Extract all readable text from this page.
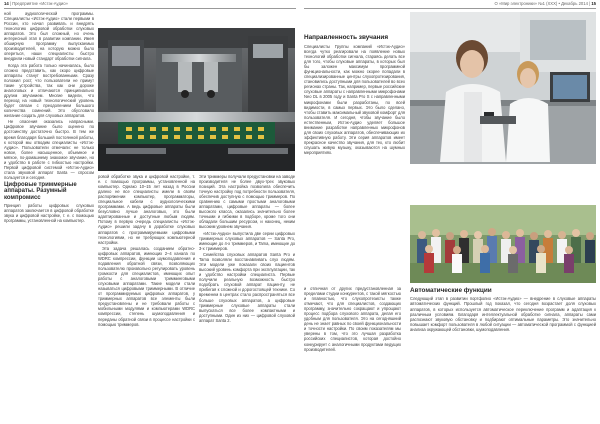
14 | Предприятие «Истэк-Аудио»	О «Мир электроники» №1 (XXX) • Декабрь 2014 | 15

ной аудиологической программы. Специалисты «Истэк-Аудио» стали первыми в России, кто начал развивать и внедрять технологию цифровой обработки слуховых аппаратов. Это был сложный, но очень интересный этап в развитии компании. Имея обширную программу выпускаемых производителей, на которую можно было опереться, наши специалисты быстро внедрили новый стандарт обработки сигнала.

Когда эта работа только начиналась, было сложно представить, как скоро цифровые аппараты станут востребованными. Сразу положил рост, что пользователи не примут такие устройства, так как они дороже аналоговых и отличаются принципиально другим звучанием. Многие видели, что переход на новый технологический уровень будет связан с преодолением большого количества сомнений. Это обусловило желание создать для слуховых аппаратов.

Не опасения оказались напрасными. Цифровое звучание было оценено по достоинству достаточно быстро. В тем же время благодаря большей постоянной работы, к которой мы отводим специалисты «Истэк-Аудио». Пользователи отмечали: не только новое, более насыщенное, объемное и мягкое, по-домашнему знакомое звучание, но и удобство в работе с гибкостью настройки. Первой цифровой системой «Истэк-Аудио» стала звуковой аппарат Santa — спросом пользуется и сегодня.

Цифровые триммерные аппараты. Разумный компромисс

Принцип работы цифровых слуховых аппаратов заключается в цифровой обработке звука и цифровой настройке, т. е. с помощью программы, установленной на компьютер.

ровой обработке звука и цифровой настройке, т. е. с помощью программы, установленной на компьютер. Однако 10–15 лет назад в России далеко не все специалисты имели в своём распоряжении компьютер, программаторы, специальное кабели с аудиологическими программами. А ведь цифровые аппараты были безусловно лучше аналоговых, это были адаптированные и доступные любым людям. Потому в первую очередь специалисты «Истэк-Аудио» решили задачу в доработке слуховых аппаратов с программируемыми цифровыми технологиями, но не требующих компьютерной настройки.

Эта задача решалась созданием обратно-цифровых аппаратов, имеющих 2–4 канала по WDRC компрессии, функции шумоподавления и подавления обратной связи, позволяющих пользователю произвольно регулировать уровень громкости для специалистов, имеющих опыт работы с аналоговыми тримминговыми слуховыми аппаратами. Такие модели стали называться цифровыми триммерными. В отличие от программируемых цифровых аппаратов, у триммерных аппаратов все элементы были предустановлены и не требовали работы с мобильными модулями и компьютерами WDRC компрессии, степень шумоподавления и переданы обратной связи в процессе настройки с помощью триммеров.

Эти триммеры получали предустановки на заводе производителя не более двух-трех звуковых позиций. Эта настройка позволила обеспечить точную настройку под потребности пользователя, обеспечив доступную с помощью триммеров. По сравнению с самыми простыми аналоговыми аппаратами, цифровые аппараты — более высокого класса, оказались значительно более точными и гибкими в подборе, кроме того они обладали большим ресурсом, и наконец, неким высоким уровнем звучания.

«Истэк-Аудио» выпустила две серии цифровых триммерных слуховых аппаратов — Santa Pro, имеющие до 4-х триммеров, и Tama, имеющие до 3-х триммеров.

Семейства слуховых аппаратов Santa Pro и Tama позволяли восстанавливать слух людям. Эти модели уже показали своих пациентов высокий уровень комфорта при эксплуатации, так и удобство настройки специалиста. Первые получили реальную возможность быстро подобрать слуховой аппарат пациенту, не прибегая к сложной и дорогостоящей технике. Со временем в центрах стало распространяться все больше слуховых аппаратов, а цифровые триммерные слуховые аппараты стали выпускаться все более компактными и доступными. Один из них — цифровой слуховой аппарат Santa 2.

Направленность звучания

Специалисты Группы компаний «Истэк-Аудио» всегда чутко реагировали на появление новых технологий обработки сигнала, стараясь делать все для того, чтобы слуховые аппараты, в которых был бы заложен максимум программной функциональности, как можно скорее попадали в специализированные центры слухопротезирования, становились доступными для пользователей во всех регионах страны. Так, например, первые российские слуховые аппараты с направленными микрофонами Neo DL в 2005 году и Santa Pro S с направленными микрофонами были разработаны, по всей видимости, в самых первых. Это было сделано, чтобы ставить максимальный звуковой комфорт для пользователя. И сегодня, чтобы звучание было естественным, Истэк-Аудио уделяет большое внимание разработке направленных микрофонов для своих слуховых аппаратов, обеспечивающих их эффективную работу. Эти серия аппаратов имеет прекрасное качество звучания, для тех, кто любит слушать живую музыку, оказываются на шумных мероприятиях.

и отличная от других предустановленная за пределами студии конкурентов, с такой мягкостью и плавностью, что слухопротезисты также отмечают, что для специалистов, создающих программу, значительно сокращают и упрощают процесс подбора слухового аппарата, делая его удобным для пользователя. Это на сегодняшний день не знает равных по своей функциональности и точности настройки. По своим показателям мы уверены в том, что это лучшая разработка российских специалистов, которая достойно конкурирует с аналогичными продуктами ведущих производителей.

Автоматические функции

Следующий этап в развитии портфолио «Истэк-Аудио» — внедрение в слуховые аппараты автоматических функций. Прошлый год показал, что сегодня возрастает доля слуховых аппаратов, в которых используется автоматическое переключение программ и адаптация к различным условиям. Благодаря интеллектуальной обработке сигнала, аппараты сами распознают звуковую обстановку и подбирают оптимальные параметры. Это значительно повышает комфорт пользователя в любой ситуации — автоматической программой с функцией анализа окружающей обстановки, шумоподавления.
